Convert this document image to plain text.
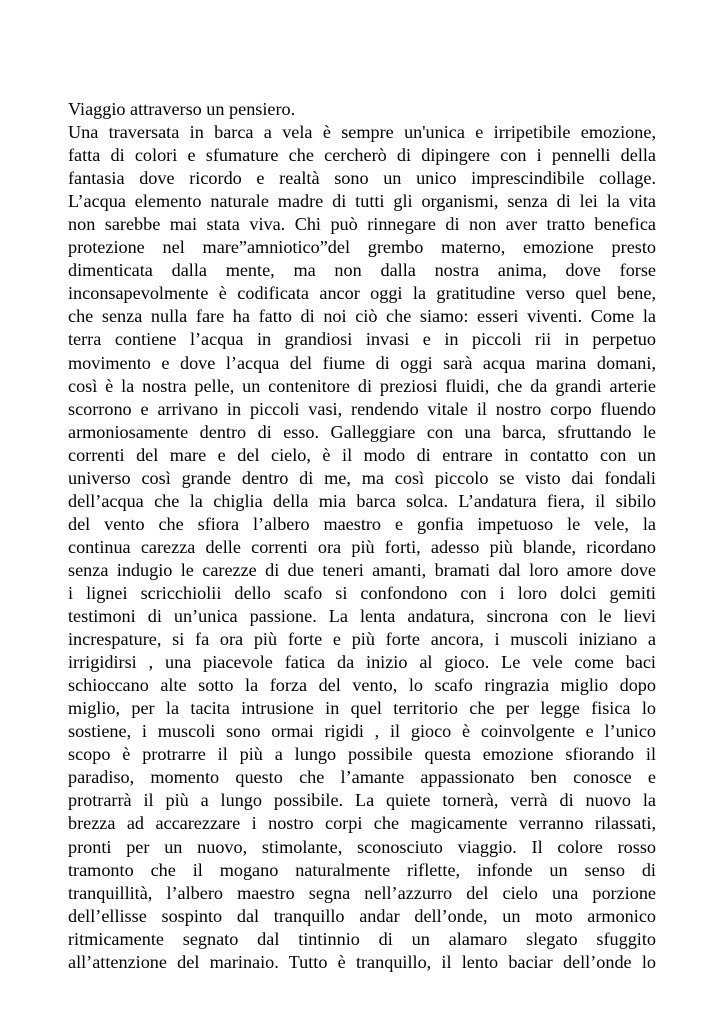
Viaggio attraverso un pensiero.
Una traversata in barca a vela è sempre un'unica e irripetibile emozione,
fatta di colori e sfumature che cercherò di dipingere con i pennelli della
fantasia dove ricordo e realtà sono un unico imprescindibile collage.
L’acqua elemento naturale madre di tutti gli organismi, senza di lei la vita
non sarebbe mai stata viva. Chi può rinnegare di non aver tratto benefica
protezione nel mare”amniotico”del grembo materno, emozione presto
dimenticata dalla mente, ma non dalla nostra anima, dove forse
inconsapevolmente è codificata ancor oggi la gratitudine verso quel bene,
che senza nulla fare ha fatto di noi ciò che siamo: esseri viventi. Come la
terra contiene l’acqua in grandiosi invasi e in piccoli rii in perpetuo
movimento e dove l’acqua del fiume di oggi sarà acqua marina domani,
così è la nostra pelle, un contenitore di preziosi fluidi, che da grandi arterie
scorrono e arrivano in piccoli vasi, rendendo vitale il nostro corpo fluendo
armoniosamente dentro di esso. Galleggiare con una barca, sfruttando le
correnti del mare e del cielo, è il modo di entrare in contatto con un
universo così grande dentro di me, ma così piccolo se visto dai fondali
dell’acqua che la chiglia della mia barca solca. L’andatura fiera, il sibilo
del vento che sfiora l’albero maestro e gonfia impetuoso le vele, la
continua carezza delle correnti ora più forti, adesso più blande, ricordano
senza indugio le carezze di due teneri amanti, bramati dal loro amore dove
i lignei scricchiolii dello scafo si confondono con i loro dolci gemiti
testimoni di un’unica passione. La lenta andatura, sincrona con le lievi
increspature, si fa ora più forte e più forte ancora, i muscoli iniziano a
irrigidirsi , una piacevole fatica da inizio al gioco. Le vele come baci
schioccano alte sotto la forza del vento, lo scafo ringrazia miglio dopo
miglio, per la tacita intrusione in quel territorio che per legge fisica lo
sostiene, i muscoli sono ormai rigidi , il gioco è coinvolgente e l’unico
scopo è protrarre il più a lungo possibile questa emozione sfiorando il
paradiso, momento questo che l’amante appassionato ben conosce e
protrarrà il più a lungo possibile. La quiete tornerà, verrà di nuovo la
brezza ad accarezzare i nostro corpi che magicamente verranno rilassati,
pronti per un nuovo, stimolante, sconosciuto viaggio. Il colore rosso
tramonto che il mogano naturalmente riflette, infonde un senso di
tranquillità, l’albero maestro segna nell’azzurro del cielo una porzione
dell’ellisse sospinto dal tranquillo andar dell’onde, un moto armonico
ritmicamente segnato dal tintinnio di un alamaro slegato sfuggito
all’attenzione del marinaio. Tutto è tranquillo, il lento baciar dell’onde lo
